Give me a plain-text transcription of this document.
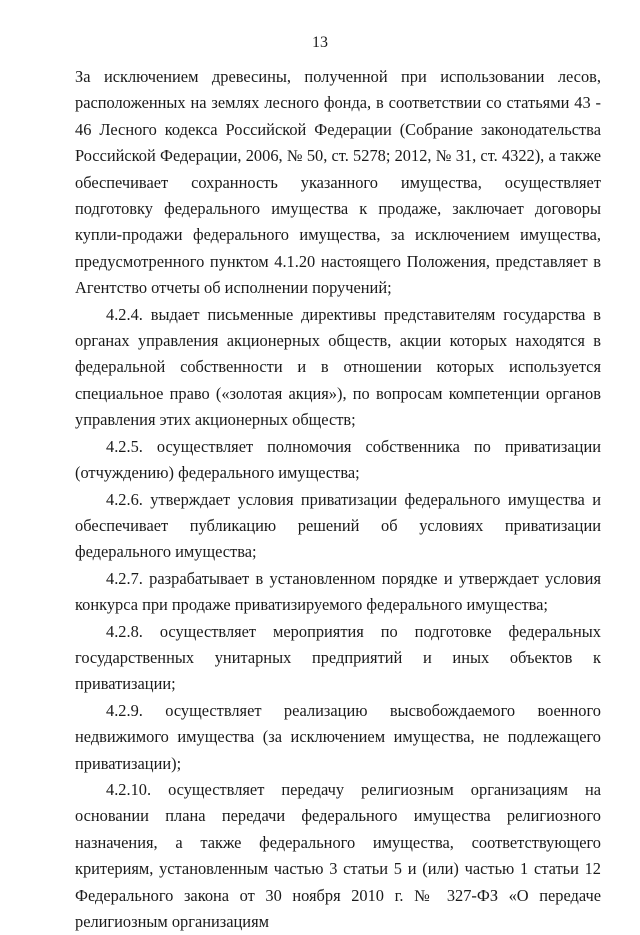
13

За исключением древесины, полученной при использовании лесов, расположенных на землях лесного фонда, в соответствии со статьями 43 - 46 Лесного кодекса Российской Федерации (Собрание законодательства Российской Федерации, 2006, № 50, ст. 5278; 2012, № 31, ст. 4322), а также обеспечивает сохранность указанного имущества, осуществляет подготовку федерального имущества к продаже, заключает договоры купли-продажи федерального имущества, за исключением имущества, предусмотренного пунктом 4.1.20 настоящего Положения, представляет в Агентство отчеты об исполнении поручений;

4.2.4. выдает письменные директивы представителям государства в органах управления акционерных обществ, акции которых находятся в федеральной собственности и в отношении которых используется специальное право («золотая акция»), по вопросам компетенции органов управления этих акционерных обществ;

4.2.5. осуществляет полномочия собственника по приватизации (отчуждению) федерального имущества;

4.2.6. утверждает условия приватизации федерального имущества и обеспечивает публикацию решений об условиях приватизации федерального имущества;

4.2.7. разрабатывает в установленном порядке и утверждает условия конкурса при продаже приватизируемого федерального имущества;

4.2.8. осуществляет мероприятия по подготовке федеральных государственных унитарных предприятий и иных объектов к приватизации;

4.2.9. осуществляет реализацию высвобождаемого военного недвижимого имущества (за исключением имущества, не подлежащего приватизации);

4.2.10. осуществляет передачу религиозным организациям на основании плана передачи федерального имущества религиозного назначения, а также федерального имущества, соответствующего критериям, установленным частью 3 статьи 5 и (или) частью 1 статьи 12 Федерального закона от 30 ноября 2010 г. № 327-ФЗ «О передаче религиозным организациям
